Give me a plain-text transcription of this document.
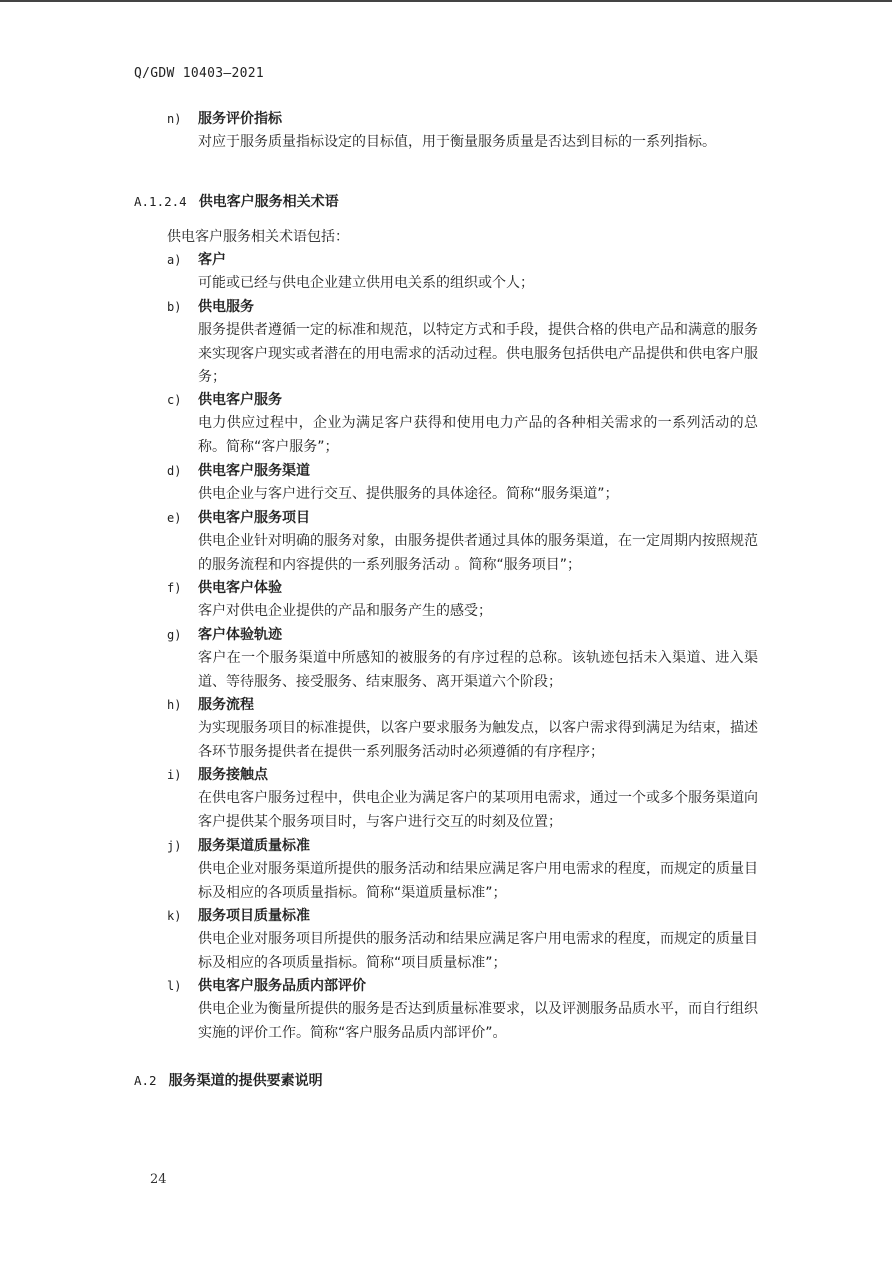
Q/GDW 10403—2021
n) 服务评价指标
对应于服务质量指标设定的目标值，用于衡量服务质量是否达到目标的一系列指标。
A.1.2.4 供电客户服务相关术语
供电客户服务相关术语包括：
a) 客户
可能或已经与供电企业建立供用电关系的组织或个人；
b) 供电服务
服务提供者遵循一定的标准和规范，以特定方式和手段，提供合格的供电产品和满意的服务来实现客户现实或者潜在的用电需求的活动过程。供电服务包括供电产品提供和供电客户服务；
c) 供电客户服务
电力供应过程中，企业为满足客户获得和使用电力产品的各种相关需求的一系列活动的总称。简称“客户服务”；
d) 供电客户服务渠道
供电企业与客户进行交互、提供服务的具体途径。简称“服务渠道”；
e) 供电客户服务项目
供电企业针对明确的服务对象，由服务提供者通过具体的服务渠道，在一定周期内按照规范的服务流程和内容提供的一系列服务活动 。简称“服务项目”；
f) 供电客户体验
客户对供电企业提供的产品和服务产生的感受；
g) 客户体验轨迹
客户在一个服务渠道中所感知的被服务的有序过程的总称。该轨迹包括未入渠道、进入渠道、等待服务、接受服务、结束服务、离开渠道六个阶段；
h) 服务流程
为实现服务项目的标准提供，以客户要求服务为触发点，以客户需求得到满足为结束，描述各环节服务提供者在提供一系列服务活动时必须遵循的有序程序；
i) 服务接触点
在供电客户服务过程中，供电企业为满足客户的某项用电需求，通过一个或多个服务渠道向客户提供某个服务项目时，与客户进行交互的时刻及位置；
j) 服务渠道质量标准
供电企业对服务渠道所提供的服务活动和结果应满足客户用电需求的程度，而规定的质量目标及相应的各项质量指标。简称“渠道质量标准”；
k) 服务项目质量标准
供电企业对服务项目所提供的服务活动和结果应满足客户用电需求的程度，而规定的质量目标及相应的各项质量指标。简称“项目质量标准”；
l) 供电客户服务品质内部评价
供电企业为衡量所提供的服务是否达到质量标准要求，以及评测服务品质水平，而自行组织实施的评价工作。简称“客户服务品质内部评价”。
A.2 服务渠道的提供要素说明
24
